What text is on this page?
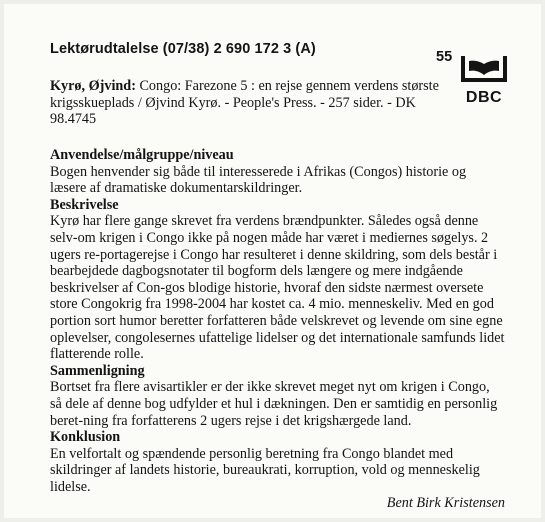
Lektørudtalelse (07/38) 2 690 172 3 (A)	55
DBC
Kyrø, Øjvind: Congo: Farezone 5 : en rejse gennem verdens største krigsskueplads / Øjvind Kyrø. - People's Press. - 257 sider. - DK 98.4745
Anvendelse/målgruppe/niveau

Bogen henvender sig både til interesserede i Afrikas (Congos) historie og læsere af dramatiske dokumentarskildringer.

Beskrivelse

Kyrø har flere gange skrevet fra verdens brændpunkter. Således også denne selv-om krigen i Congo ikke på nogen måde har været i mediernes søgelys. 2 ugers re-portagerejse i Congo har resulteret i denne skildring, som dels består i bearbejdede dagbogsnotater til bogform dels længere og mere indgående beskrivelser af Con-gos blodige historie, hvoraf den sidste nærmest oversete store Congokrig fra 1998-2004 har kostet ca. 4 mio. menneskeliv. Med en god portion sort humor beretter forfatteren både velskrevet og levende om sine egne oplevelser, congolesernes ufattelige lidelser og det internationale samfunds lidet flatterende rolle.

Sammenligning

Bortset fra flere avisartikler er der ikke skrevet meget nyt om krigen i Congo, så dele af denne bog udfylder et hul i dækningen. Den er samtidig en personlig beret-ning fra forfatterens 2 ugers rejse i det krigshærgede land.

Konklusion

En velfortalt og spændende personlig beretning fra Congo blandet med skildringer af landets historie, bureaukrati, korruption, vold og menneskelig lidelse.

Bent Birk Kristensen
